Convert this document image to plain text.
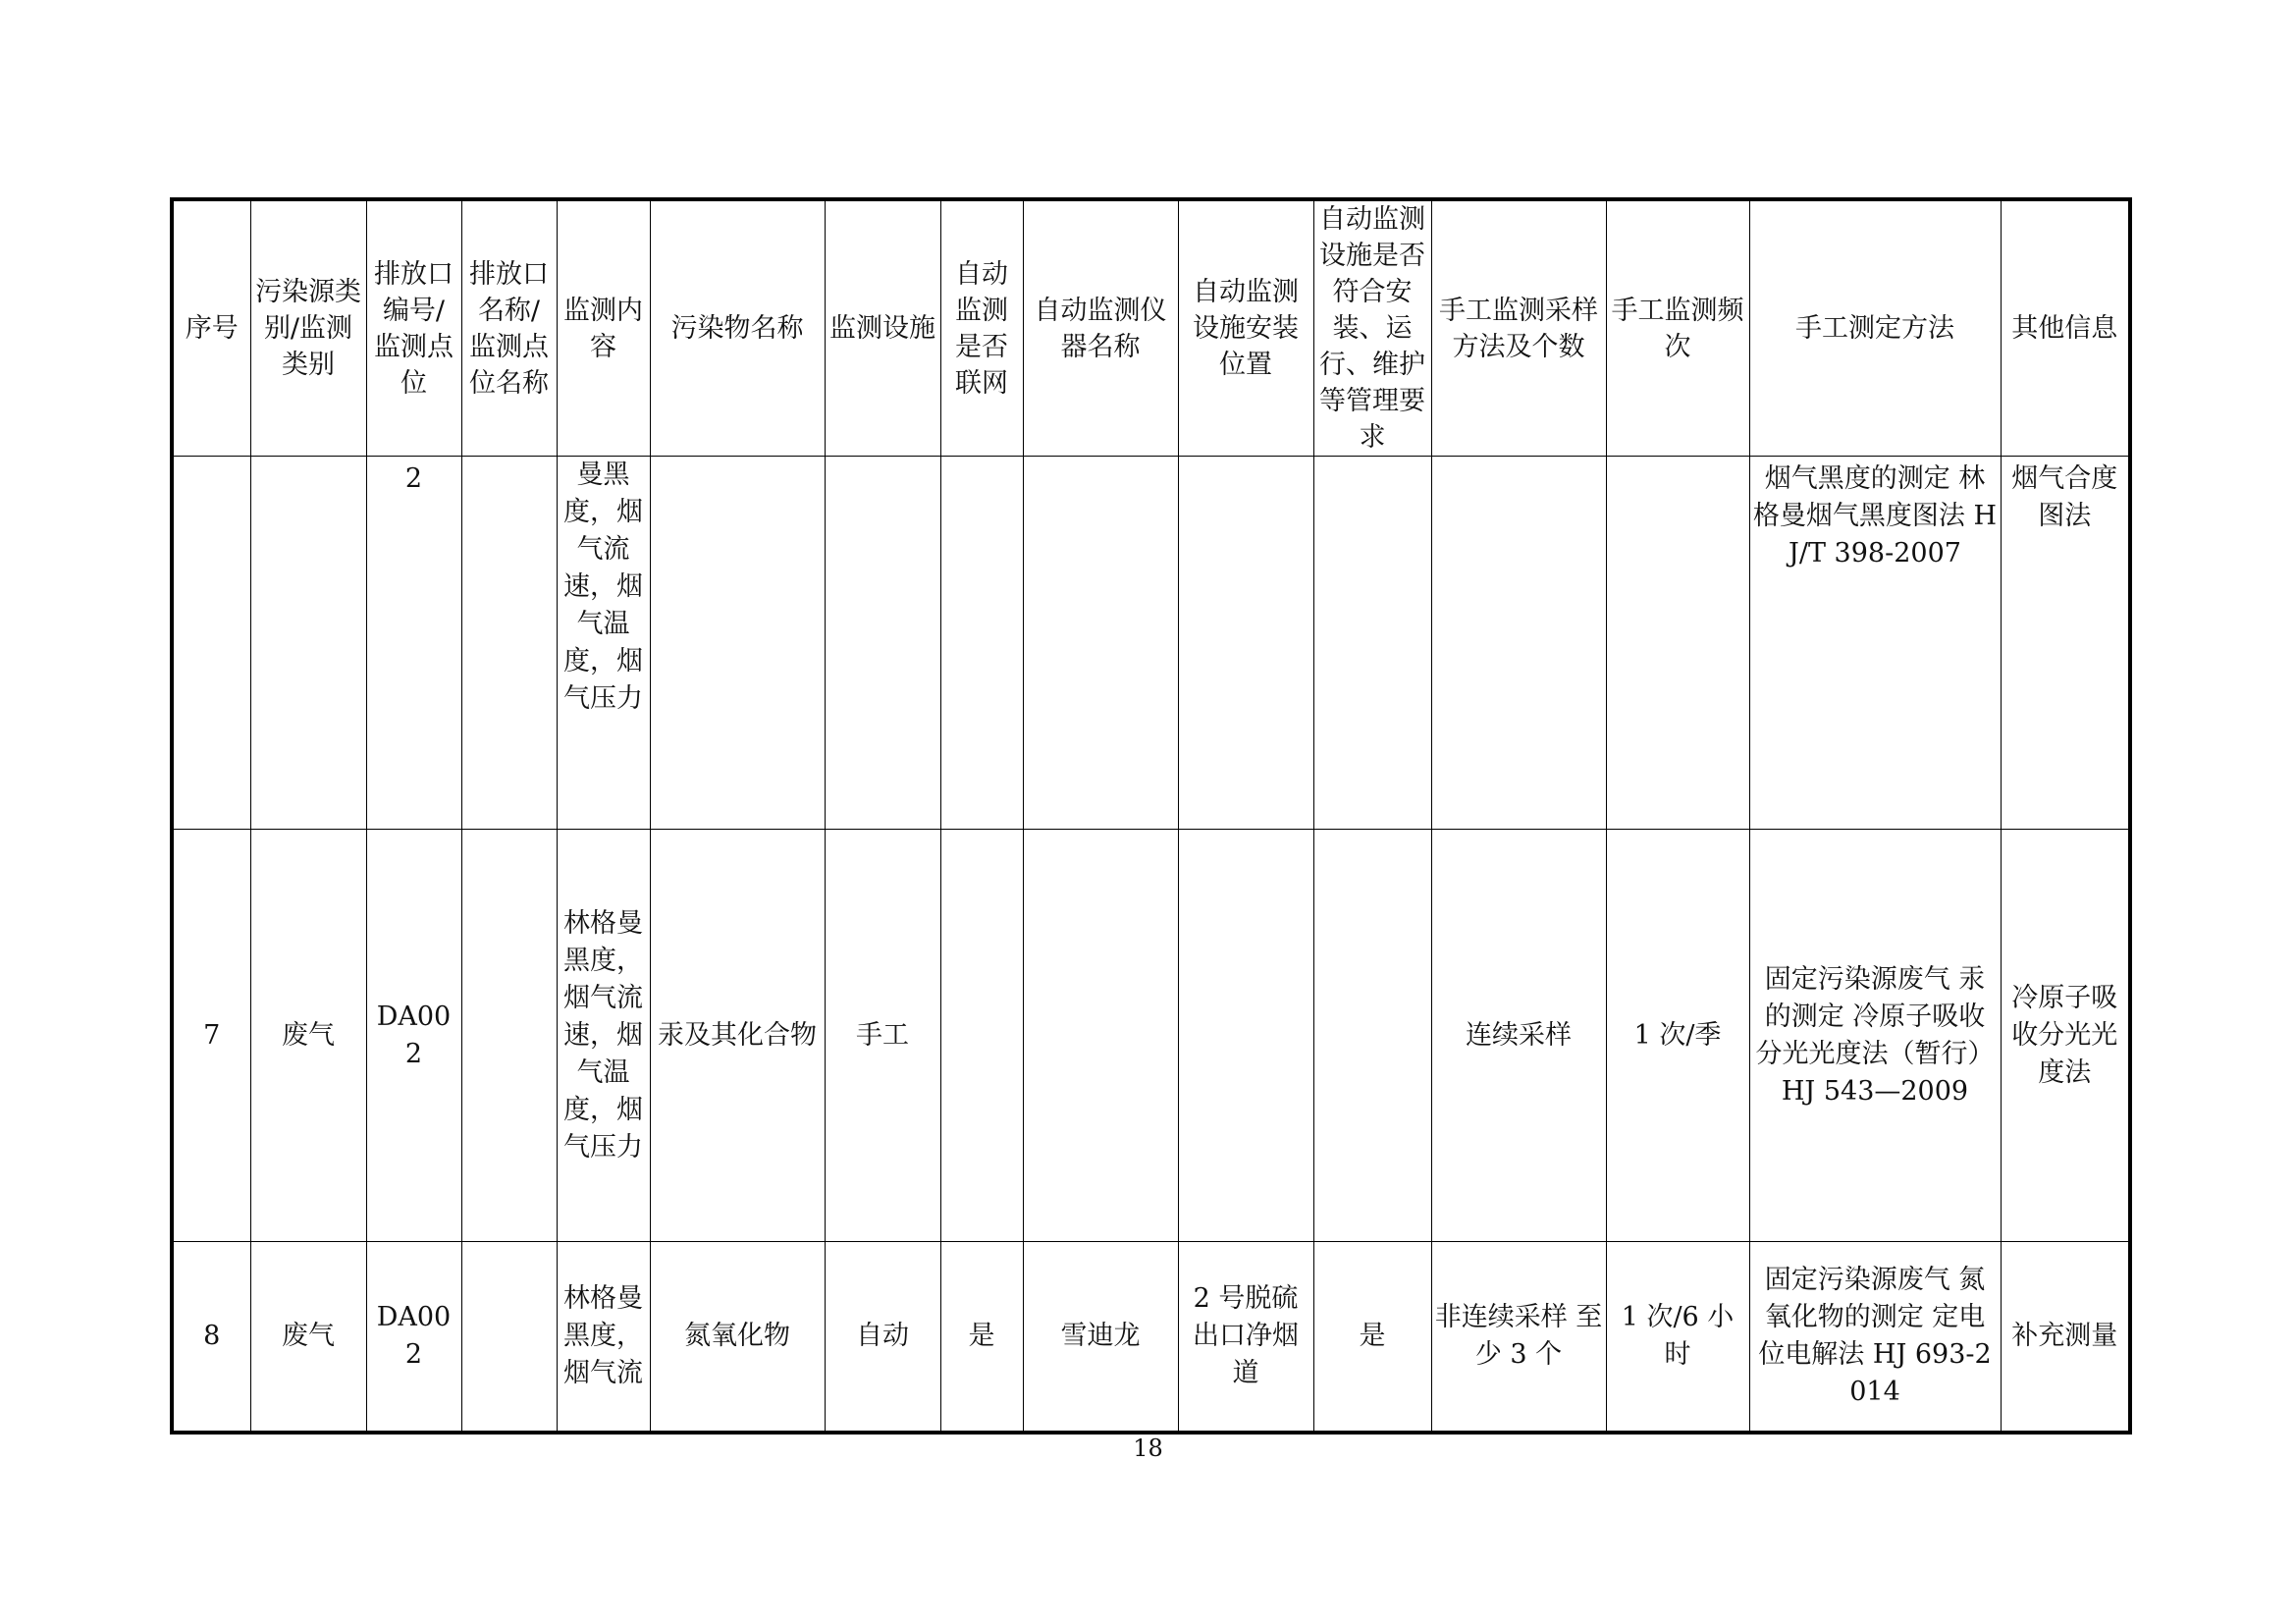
序号	污染源类别/监测类别	排放口编号/监测点位	排放口名称/监测点位名称	监测内容	污染物名称	监测设施	自动监测是否联网	自动监测仪器名称	自动监测设施安装位置	自动监测设施是否符合安装、运行、维护等管理要求	手工监测采样方法及个数	手工监测频次	手工测定方法	其他信息
		2		曼黑度，烟气流速，烟气温度，烟气压力									烟气黑度的测定 林格曼烟气黑度图法 HJ/T 398-2007	烟气合度图法
7	废气	DA002		林格曼黑度，烟气流速，烟气温度，烟气压力	汞及其化合物	手工					连续采样	1 次/季	固定污染源废气 汞的测定 冷原子吸收分光光度法（暂行）HJ 543—2009	冷原子吸收分光光度法
8	废气	DA002		林格曼黑度，烟气流	氮氧化物	自动	是	雪迪龙	2 号脱硫出口净烟道	是	非连续采样 至少 3 个	1 次/6 小时	固定污染源废气 氮氧化物的测定 定电位电解法 HJ 693-2014	补充测量
18
